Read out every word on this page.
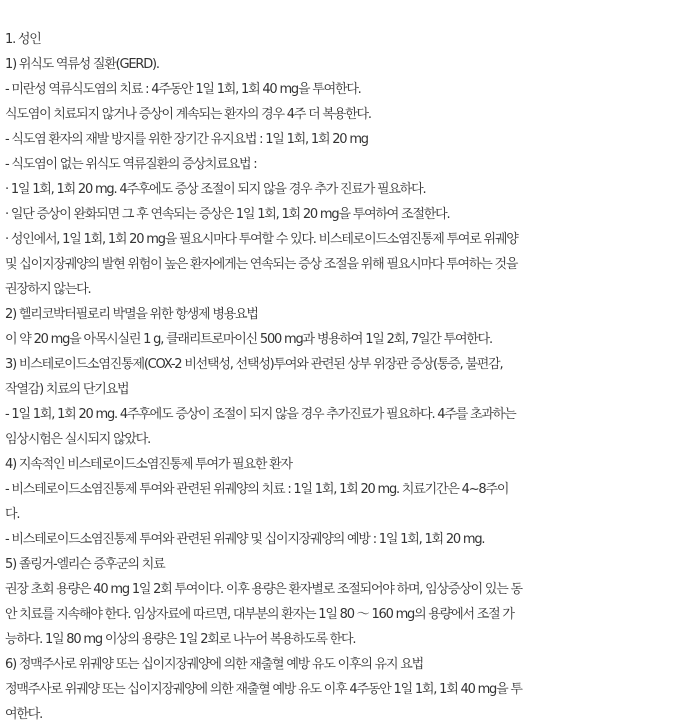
1. 성인
1) 위식도 역류성 질환(GERD).
- 미란성 역류식도염의 치료 : 4주동안 1일 1회, 1회 40 mg을 투여한다.
식도염이 치료되지 않거나 증상이 계속되는 환자의 경우 4주 더 복용한다.
- 식도염 환자의 재발 방지를 위한 장기간 유지요법 : 1일 1회, 1회 20 mg
- 식도염이 없는 위식도 역류질환의 증상치료요법 :
· 1일 1회, 1회 20 mg. 4주후에도 증상 조절이 되지 않을 경우 추가 진료가 필요하다.
· 일단 증상이 완화되면 그 후 연속되는 증상은 1일 1회, 1회 20 mg을 투여하여 조절한다.
· 성인에서, 1일 1회, 1회 20 mg을 필요시마다 투여할 수 있다. 비스테로이드소염진통제 투여로 위궤양
및 십이지장궤양의 발현 위험이 높은 환자에게는 연속되는 증상 조절을 위해 필요시마다 투여하는 것을
권장하지 않는다.
2) 헬리코박터필로리 박멸을 위한 항생제 병용요법
이 약 20 mg을 아목시실린 1 g, 클래리트로마이신 500 mg과 병용하여 1일 2회, 7일간 투여한다.
3) 비스테로이드소염진통제(COX-2 비선택성, 선택성)투여와 관련된 상부 위장관 증상(통증, 불편감,
작열감) 치료의 단기요법
- 1일 1회, 1회 20 mg. 4주후에도 증상이 조절이 되지 않을 경우 추가진료가 필요하다. 4주를 초과하는
임상시험은 실시되지 않았다.
4) 지속적인 비스테로이드소염진통제 투여가 필요한 환자
- 비스테로이드소염진통제 투여와 관련된 위궤양의 치료 : 1일 1회, 1회 20 mg. 치료기간은 4~8주이
다.
- 비스테로이드소염진통제 투여와 관련된 위궤양 및 십이지장궤양의 예방 : 1일 1회, 1회 20 mg.
5) 졸링거-엘리슨 증후군의 치료
권장 초회 용량은 40 mg 1일 2회 투여이다. 이후 용량은 환자별로 조절되어야 하며, 임상증상이 있는 동
안 치료를 지속해야 한다. 임상자료에 따르면, 대부분의 환자는 1일 80 ～ 160 mg의 용량에서 조절 가
능하다. 1일 80 mg 이상의 용량은 1일 2회로 나누어 복용하도록 한다.
6) 정맥주사로 위궤양 또는 십이지장궤양에 의한 재출혈 예방 유도 이후의 유지 요법
정맥주사로 위궤양 또는 십이지장궤양에 의한 재출혈 예방 유도 이후 4주동안 1일 1회, 1회 40 mg을 투
여한다.
